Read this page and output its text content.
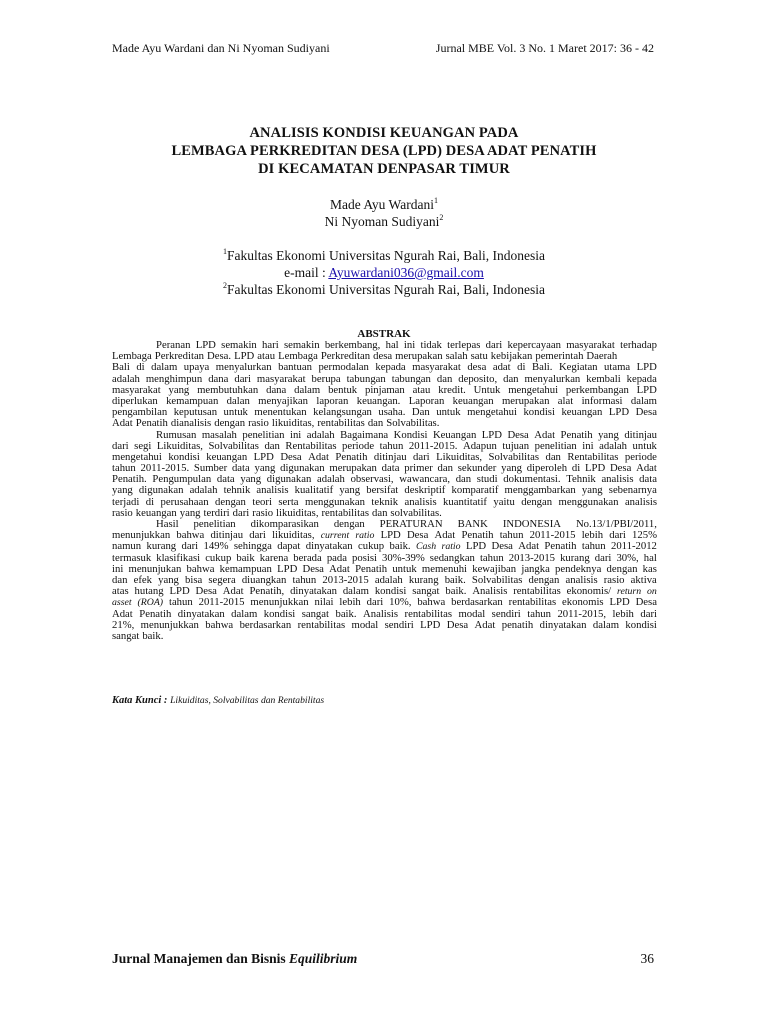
Made Ayu Wardani dan Ni Nyoman Sudiyani	Jurnal MBE Vol. 3 No. 1 Maret 2017: 36 - 42
ANALISIS KONDISI KEUANGAN PADA
LEMBAGA PERKREDITAN DESA (LPD) DESA ADAT PENATIH
DI KECAMATAN DENPASAR TIMUR
Made Ayu Wardani$^1$
Ni Nyoman Sudiyani$^2$
$^1$Fakultas Ekonomi Universitas Ngurah Rai, Bali, Indonesia
e-mail : Ayuwardani036@gmail.com
$^2$Fakultas Ekonomi Universitas Ngurah Rai, Bali, Indonesia
ABSTRAK
Peranan LPD semakin hari semakin berkembang, hal ini tidak terlepas dari kepercayaan masyarakat terhadap
Lembaga Perkreditan Desa. LPD atau Lembaga Perkreditan desa merupakan salah satu kebijakan pemerintah Daerah
Bali di dalam upaya menyalurkan bantuan permodalan kepada masyarakat desa adat di Bali. Kegiatan utama LPD
adalah menghimpun dana dari masyarakat berupa tabungan tabungan dan deposito, dan menyalurkan kembali kepada
masyarakat yang membutuhkan dana dalam bentuk pinjaman atau kredit. Untuk mengetahui perkembangan LPD
diperlukan kemampuan dalan menyajikan laporan keuangan. Laporan keuangan merupakan alat informasi dalam
pengambilan keputusan untuk menentukan kelangsungan usaha. Dan untuk mengetahui kondisi keuangan LPD Desa
Adat Penatih dianalisis dengan rasio likuiditas, rentabilitas dan Solvabilitas.
Rumusan masalah penelitian ini adalah Bagaimana Kondisi Keuangan LPD Desa Adat Penatih yang ditinjau
dari segi Likuiditas, Solvabilitas dan Rentabilitas periode tahun 2011-2015. Adapun tujuan penelitian ini adalah untuk
mengetahui kondisi keuangan LPD Desa Adat Penatih ditinjau dari Likuiditas, Solvabilitas dan Rentabilitas periode
tahun 2011-2015. Sumber data yang digunakan merupakan data primer dan sekunder yang diperoleh di LPD Desa Adat
Penatih. Pengumpulan data yang digunakan adalah observasi, wawancara, dan studi dokumentasi. Tehnik analisis data
yang digunakan adalah tehnik analisis kualitatif yang bersifat deskriptif komparatif menggambarkan yang sebenarnya
terjadi di perusahaan dengan teori serta menggunakan teknik analisis kuantitatif yaitu dengan menggunakan analisis
rasio keuangan yang terdiri dari rasio likuiditas, rentabilitas dan solvabilitas.
Hasil penelitian dikomparasikan dengan PERATURAN BANK INDONESIA No.13/1/PBI/2011,
menunjukkan bahwa ditinjau dari likuiditas, current ratio LPD Desa Adat Penatih tahun 2011-2015 lebih dari 125%
namun kurang dari 149% sehingga dapat dinyatakan cukup baik. Cash ratio LPD Desa Adat Penatih tahun 2011-2012
termasuk klasifikasi cukup baik karena berada pada posisi 30%-39% sedangkan tahun 2013-2015 kurang dari 30%, hal
ini menunjukan bahwa kemampuan LPD Desa Adat Penatih untuk memenuhi kewajiban jangka pendeknya dengan kas
dan efek yang bisa segera diuangkan tahun 2013-2015 adalah kurang baik. Solvabilitas dengan analisis rasio aktiva
atas hutang LPD Desa Adat Penatih, dinyatakan dalam kondisi sangat baik. Analisis rentabilitas ekonomis/ return on
asset (ROA) tahun 2011-2015 menunjukkan nilai lebih dari 10%, bahwa berdasarkan rentabilitas ekonomis LPD Desa
Adat Penatih dinyatakan dalam kondisi sangat baik. Analisis rentabilitas modal sendiri tahun 2011-2015, lebih dari
21%, menunjukkan bahwa berdasarkan rentabilitas modal sendiri LPD Desa Adat penatih dinyatakan dalam kondisi
sangat baik.
Kata Kunci : Likuiditas, Solvabilitas dan Rentabilitas
Jurnal Manajemen dan Bisnis Equilibrium	36
